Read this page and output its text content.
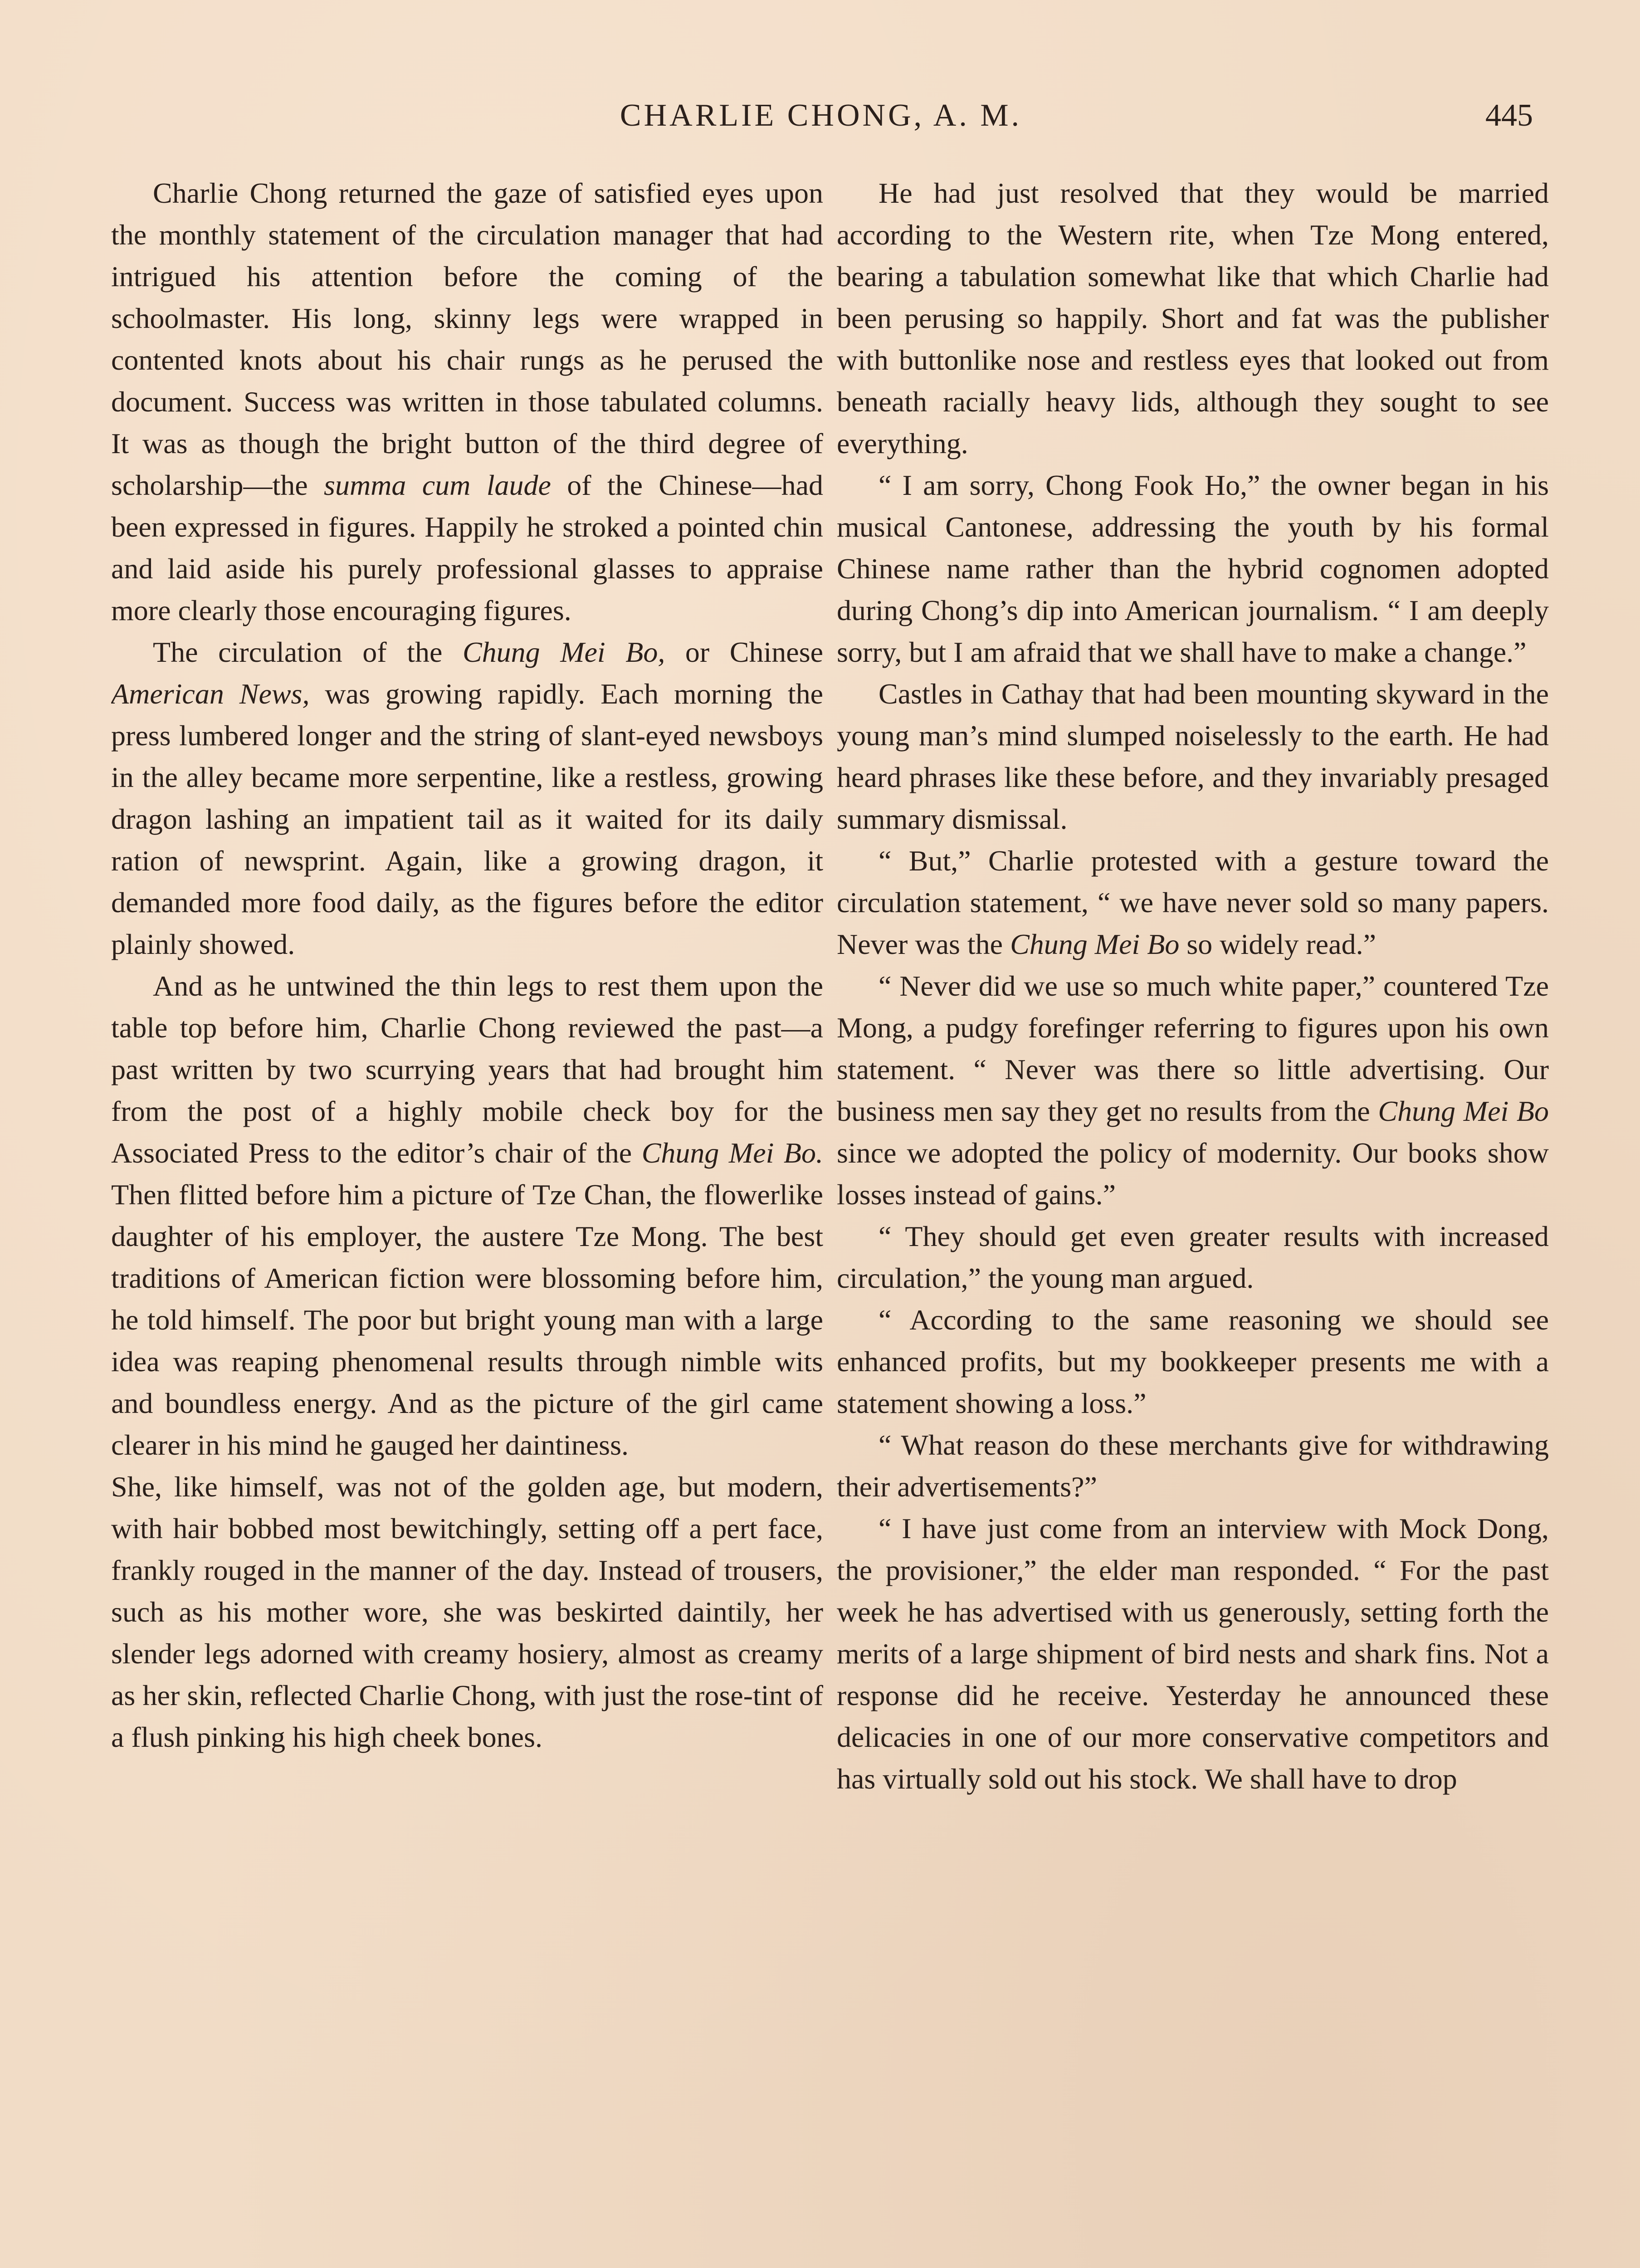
CHARLIE CHONG, A. M.	445

Charlie Chong returned the gaze of satisfied eyes upon the monthly statement of the circulation manager that had intrigued his attention before the coming of the schoolmaster. His long, skinny legs were wrapped in contented knots about his chair rungs as he perused the document. Success was written in those tabulated columns. It was as though the bright button of the third degree of scholarship—the summa cum laude of the Chinese—had been expressed in figures. Happily he stroked a pointed chin and laid aside his purely professional glasses to appraise more clearly those encouraging figures.

The circulation of the Chung Mei Bo, or Chinese American News, was growing rapidly. Each morning the press lumbered longer and the string of slant-eyed newsboys in the alley became more serpentine, like a restless, growing dragon lashing an impatient tail as it waited for its daily ration of newsprint. Again, like a growing dragon, it demanded more food daily, as the figures before the editor plainly showed.

And as he untwined the thin legs to rest them upon the table top before him, Charlie Chong reviewed the past—a past written by two scurrying years that had brought him from the post of a highly mobile check boy for the Associated Press to the editor’s chair of the Chung Mei Bo. Then flitted before him a picture of Tze Chan, the flowerlike daughter of his employer, the austere Tze Mong. The best traditions of American fiction were blossoming before him, he told himself. The poor but bright young man with a large idea was reaping phenomenal results through nimble wits and boundless energy. And as the picture of the girl came clearer in his mind he gauged her daintiness.

She, like himself, was not of the golden age, but modern, with hair bobbed most bewitchingly, setting off a pert face, frankly rouged in the manner of the day. Instead of trousers, such as his mother wore, she was beskirted daintily, her slender legs adorned with creamy hosiery, almost as creamy as her skin, reflected Charlie Chong, with just the rose-tint of a flush pinking his high cheek bones.

He had just resolved that they would be married according to the Western rite, when Tze Mong entered, bearing a tabulation somewhat like that which Charlie had been perusing so happily. Short and fat was the publisher with buttonlike nose and restless eyes that looked out from beneath racially heavy lids, although they sought to see everything.

“ I am sorry, Chong Fook Ho,” the owner began in his musical Cantonese, addressing the youth by his formal Chinese name rather than the hybrid cognomen adopted during Chong’s dip into American journalism. “ I am deeply sorry, but I am afraid that we shall have to make a change.”

Castles in Cathay that had been mounting skyward in the young man’s mind slumped noiselessly to the earth. He had heard phrases like these before, and they invariably presaged summary dismissal.

“ But,” Charlie protested with a gesture toward the circulation statement, “ we have never sold so many papers. Never was the Chung Mei Bo so widely read.”

“ Never did we use so much white paper,” countered Tze Mong, a pudgy forefinger referring to figures upon his own statement. “ Never was there so little advertising. Our business men say they get no results from the Chung Mei Bo since we adopted the policy of modernity. Our books show losses instead of gains.”

“ They should get even greater results with increased circulation,” the young man argued.

“ According to the same reasoning we should see enhanced profits, but my bookkeeper presents me with a statement showing a loss.”

“ What reason do these merchants give for withdrawing their advertisements?”

“ I have just come from an interview with Mock Dong, the provisioner,” the elder man responded. “ For the past week he has advertised with us generously, setting forth the merits of a large shipment of bird nests and shark fins. Not a response did he receive. Yesterday he announced these delicacies in one of our more conservative competitors and has virtually sold out his stock. We shall have to drop
